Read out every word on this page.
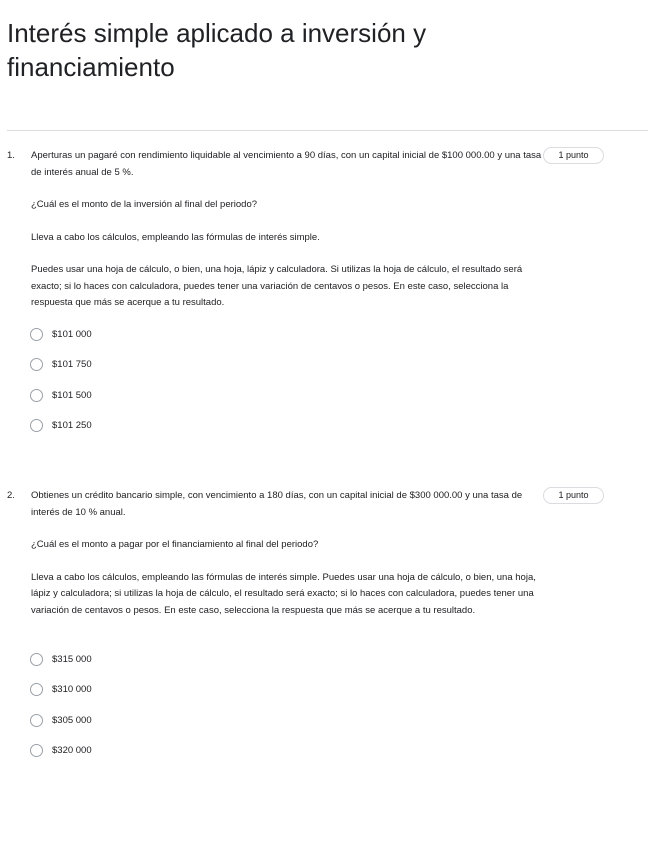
Interés simple aplicado a inversión y financiamiento
1.	1 punto

Aperturas un pagaré con rendimiento liquidable al vencimiento a 90 días, con un capital inicial de $100 000.00 y una tasa de interés anual de 5 %.

¿Cuál es el monto de la inversión al final del periodo?

Lleva a cabo los cálculos, empleando las fórmulas de interés simple.

Puedes usar una hoja de cálculo, o bien, una hoja, lápiz y calculadora. Si utilizas la hoja de cálculo, el resultado será exacto; si lo haces con calculadora, puedes tener una variación de centavos o pesos. En este caso, selecciona la respuesta que más se acerque a tu resultado.

$101 000
$101 750
$101 500
$101 250
2.	1 punto

Obtienes un crédito bancario simple, con vencimiento a 180 días, con un capital inicial de $300 000.00 y una tasa de interés de 10 % anual.

¿Cuál es el monto a pagar por el financiamiento al final del periodo?

Lleva a cabo los cálculos, empleando las fórmulas de interés simple. Puedes usar una hoja de cálculo, o bien, una hoja, lápiz y calculadora; si utilizas la hoja de cálculo, el resultado será exacto; si lo haces con calculadora, puedes tener una variación de centavos o pesos. En este caso, selecciona la respuesta que más se acerque a tu resultado.

$315 000
$310 000
$305 000
$320 000
